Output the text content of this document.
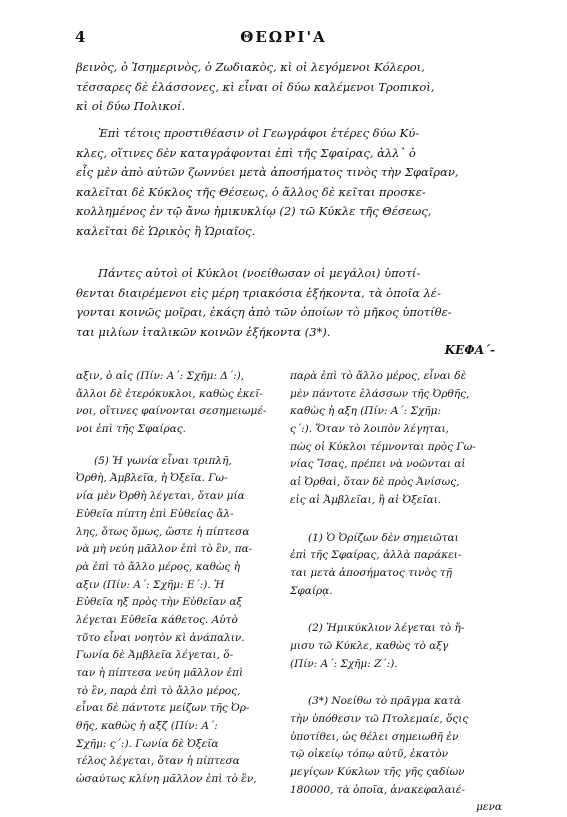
4	ΘΕΩΡΙ'Α
βεινὸς, ὁ Ἰσημερινὸς, ὁ Ζωδιακὸς, κὶ οἱ λεγόμενοι Κόλεροι,
τέσσαρες δὲ ἐλάσσονες, κὶ εἶναι οἱ δύω καλέμενοι Τροπικοὶ,
κὶ οἱ δύω Πολικοί.
Ἐπὶ τέτοις προστιθέασιν οἱ Γεωγράφοι ἑτέρες δύω Κύ-
κλες, οἵτινες δὲν καταγράφονται ἐπὶ τῆς Σφαίρας, ἀλλ᾿ ὁ
εἷς μὲν ἀπὸ αὐτῶν ζωννύει μετὰ ἀποσήματος τινὸς τὴν Σφαῖραν,
καλεῖται δὲ Κύκλος τῆς Θέσεως, ὁ ἄλλος δὲ κεῖται προσκε-
κολλημένος ἐν τῷ ἄνω ἡμικυκλίῳ (2) τῶ Κύκλε τῆς Θέσεως,
καλεῖται δὲ Ὡρικὸς ἢ Ὡριαῖος.
Πάντες αὐτοὶ οἱ Κύκλοι (νοείθωσαν οἱ μεγάλοι) ὑποτί-
θενται διαιρέμενοι εἰς μέρη τριακόσια ἑξήκοντα, τὰ ὁποῖα λέ-
γονται κοινῶς μοῖραι, ἑκάςη ἀπὸ τῶν ὁποίων τὸ μῆκος ὑποτίθε-
ται μιλίων ἰταλικῶν κοινῶν ἑξήκοντα (3*).
ΚΕΦΑ΄-
αξιν, ὁ αἰς (Πίν: Α΄: Σχῆμ: Δ΄:),
ἄλλοι δὲ ἑτερόκυκλοι, καθὼς ἐκεῖ-
νοι, οἵτινες φαίνονται σεσημειωμέ-
νοι ἐπὶ τῆς Σφαίρας.
(5) Ἡ γωνία εἶναι τριπλῆ,
Ὀρθὴ, Ἀμβλεῖα, ἡ Ὀξεῖα. Γω-
νία μὲν Ὀρθὴ λέγεται, ὅταν μία
Εὐθεῖα πίπτη ἐπὶ Εὐθείας ἄλ-
λης, ὅτως ὅμως, ὥστε ἡ πίπτεσα
νὰ μὴ νεύη μᾶλλον ἐπὶ τὸ ἓν, πα-
ρὰ ἐπὶ τὸ ἄλλο μέρος, καθὼς ἡ
αξιν (Πίν: Α΄: Σχῆμ: Ε΄:). Ἡ
Εὐθεῖα ηξ πρὸς τὴν Εὐθεῖαν αξ
λέγεται Εὐθεῖα κάθετος. Αὐτὸ
τῦτο εἶναι νοητὸν κὶ ἀνάπαλιν.
Γωνία δὲ Ἀμβλεῖα λέγεται, ὅ-
ταν ἡ πίπτεσα νεύη μᾶλλον ἐπὶ
τὸ ἓν, παρὰ ἐπὶ τὸ ἄλλο μέρος,
εἶναι δὲ πάντοτε μείζων τῆς Ὀρ-
θῆς, καθὼς ἡ αξζ (Πίν: Α΄:
Σχῆμ: ς΄:). Γωνία δὲ Ὀξεῖα
τέλος λέγεται, ὅταν ἡ πίπτεσα
ὡσαύτως κλίνη μᾶλλον ἐπὶ τὸ ἓν,
παρὰ ἐπὶ τὸ ἄλλο μέρος, εἶναι δὲ
μὲν πάντοτε ἐλάσσων τῆς Ὀρθῆς,
καθὼς ἡ αξη (Πίν: Α΄: Σχῆμ:
ς΄:). Ὅταν τὸ λοιπὸν λέγηται,
πὼς οἱ Κύκλοι τέμνονται πρὸς Γω-
νίας Ἴσας, πρέπει νὰ νοῶνται αἱ
αἱ Ὀρθαὶ, ὅταν δὲ πρὸς Ἀνίσως,
εἰς αἱ Ἀμβλεῖαι, ἢ αἱ Ὀξεῖαι.
(1) Ὁ Ὀρίζων δὲν σημειῶται
ἐπὶ τῆς Σφαίρας, ἀλλὰ παράκει-
ται μετὰ ἀποσήματος τινὸς τῇ
Σφαίρᾳ.
(2) Ἡμικύκλιον λέγεται τὸ ἥ-
μισυ τῶ Κύκλε, καθὼς τὸ αξγ
(Πίν: Α΄: Σχῆμ: Ζ΄:).
(3*) Νοείθω τὸ πρᾶγμα κατὰ
τὴν ὑπόθεσιν τῶ Πτολεμαίε, ὅςις
ὑποτίθει, ὡς θέλει σημειωθῆ ἐν
τῷ οἰκείῳ τόπῳ αὐτῦ, ἑκατὸν
μεγίςων Κύκλων τῆς γῆς ςαδίων
180000, τὰ ὁποῖα, ἀνακεφαλαιέ-
μενα
